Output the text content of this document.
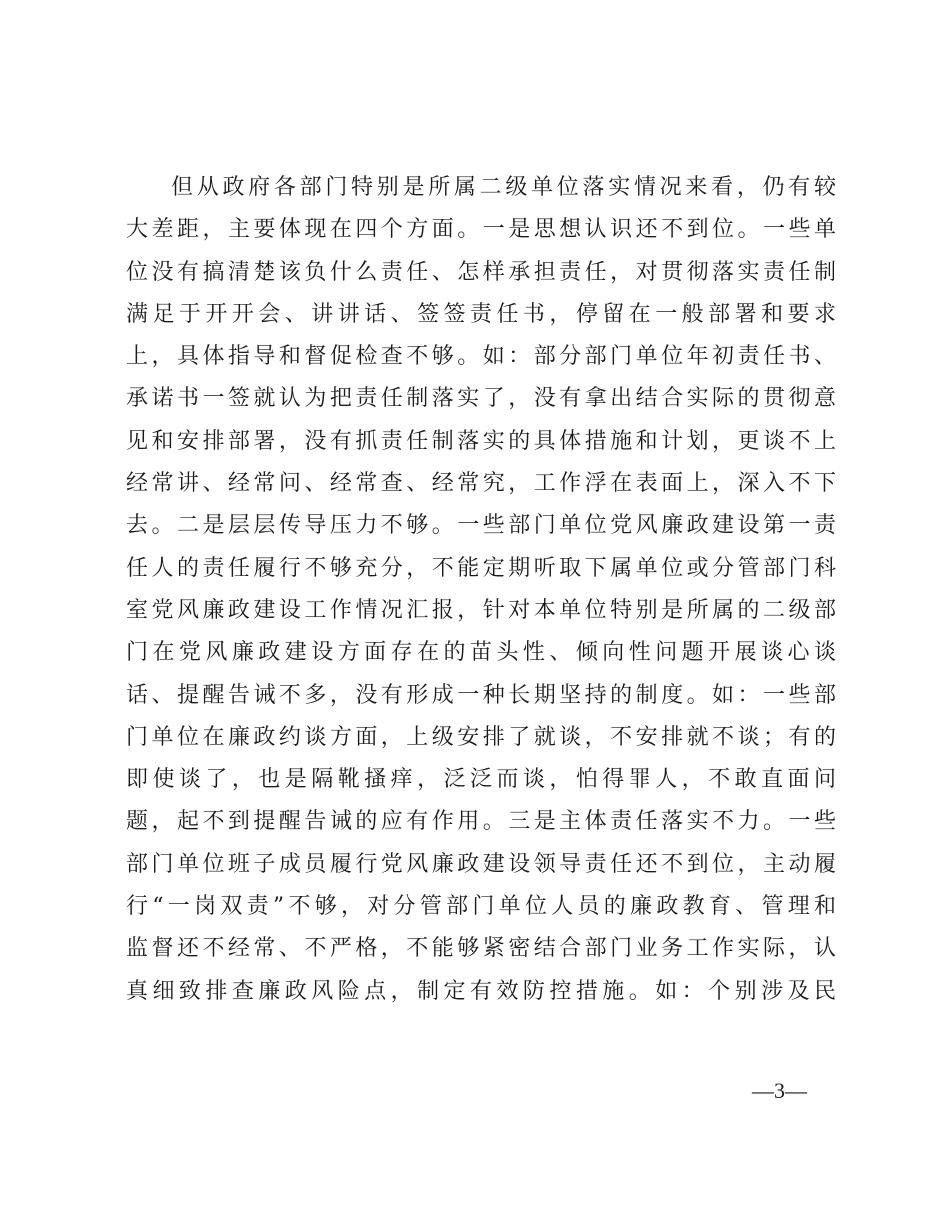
但从政府各部门特别是所属二级单位落实情况来看，仍有较
大差距，主要体现在四个方面。一是思想认识还不到位。一些单
位没有搞清楚该负什么责任、怎样承担责任，对贯彻落实责任制
满足于开开会、讲讲话、签签责任书，停留在一般部署和要求
上，具体指导和督促检查不够。如：部分部门单位年初责任书、
承诺书一签就认为把责任制落实了，没有拿出结合实际的贯彻意
见和安排部署，没有抓责任制落实的具体措施和计划，更谈不上
经常讲、经常问、经常查、经常究，工作浮在表面上，深入不下
去。二是层层传导压力不够。一些部门单位党风廉政建设第一责
任人的责任履行不够充分，不能定期听取下属单位或分管部门科
室党风廉政建设工作情况汇报，针对本单位特别是所属的二级部
门在党风廉政建设方面存在的苗头性、倾向性问题开展谈心谈
话、提醒告诫不多，没有形成一种长期坚持的制度。如：一些部
门单位在廉政约谈方面，上级安排了就谈，不安排就不谈；有的
即使谈了，也是隔靴搔痒，泛泛而谈，怕得罪人，不敢直面问
题，起不到提醒告诫的应有作用。三是主体责任落实不力。一些
部门单位班子成员履行党风廉政建设领导责任还不到位，主动履
行“一岗双责”不够，对分管部门单位人员的廉政教育、管理和
监督还不经常、不严格，不能够紧密结合部门业务工作实际，认
真细致排查廉政风险点，制定有效防控措施。如：个别涉及民
—3—
